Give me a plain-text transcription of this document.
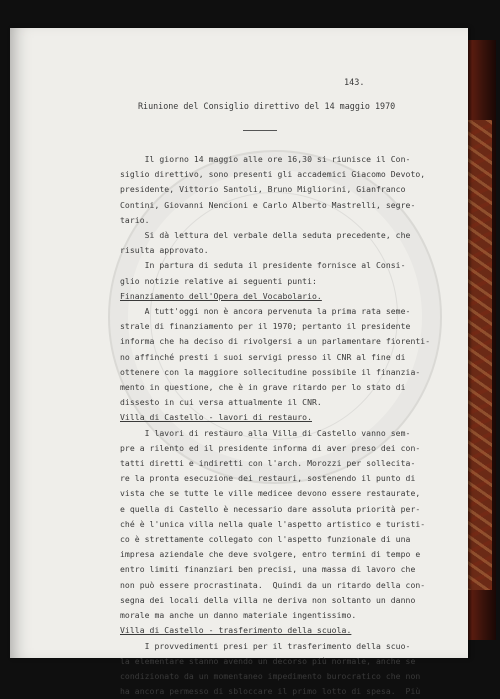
143.
Riunione del Consiglio direttivo del 14 maggio 1970
Il giorno 14 maggio alle ore 16,30 si riunisce il Con-
siglio direttivo, sono presenti gli accademici Giacomo Devoto,
presidente, Vittorio Santoli, Bruno Migliorini, Gianfranco
Contini, Giovanni Nencioni e Carlo Alberto Mastrelli, segre-
tario.
Si dà lettura del verbale della seduta precedente, che
risulta approvato.
In partura di seduta il presidente fornisce al Consi-
glio notizie relative ai seguenti punti:
Finanziamento dell'Opera del Vocabolario.
A tutt'oggi non è ancora pervenuta la prima rata seme-
strale di finanziamento per il 1970; pertanto il presidente
informa che ha deciso di rivolgersi a un parlamentare fiorenti-
no affinché presti i suoi servigi presso il CNR al fine di
ottenere con la maggiore sollecitudine possibile il finanzia-
mento in questione, che è in grave ritardo per lo stato di
dissesto in cui versa attualmente il CNR.
Villa di Castello - lavori di restauro.
I lavori di restauro alla Villa di Castello vanno sem-
pre a rilento ed il presidente informa di aver preso dei con-
tatti diretti e indiretti con l'arch. Morozzi per sollecita-
re la pronta esecuzione dei restauri, sostenendo il punto di
vista che se tutte le ville medicee devono essere restaurate,
e quella di Castello è necessario dare assoluta priorità per-
ché è l'unica villa nella quale l'aspetto artistico e turisti-
co è strettamente collegato con l'aspetto funzionale di una
impresa aziendale che deve svolgere, entro termini di tempo e
entro limiti finanziari ben precisi, una massa di lavoro che
non può essere procrastinata.  Quindi da un ritardo della con-
segna dei locali della villa ne deriva non soltanto un danno
morale ma anche un danno materiale ingentissimo.
Villa di Castello - trasferimento della scuola.
I provvedimenti presi per il trasferimento della scuo-
la elementare stanno avendo un decorso più normale, anche se
condizionato da un momentaneo impedimento burocratico che non
ha ancora permesso di sbloccare il primo lotto di spesa.  Più
